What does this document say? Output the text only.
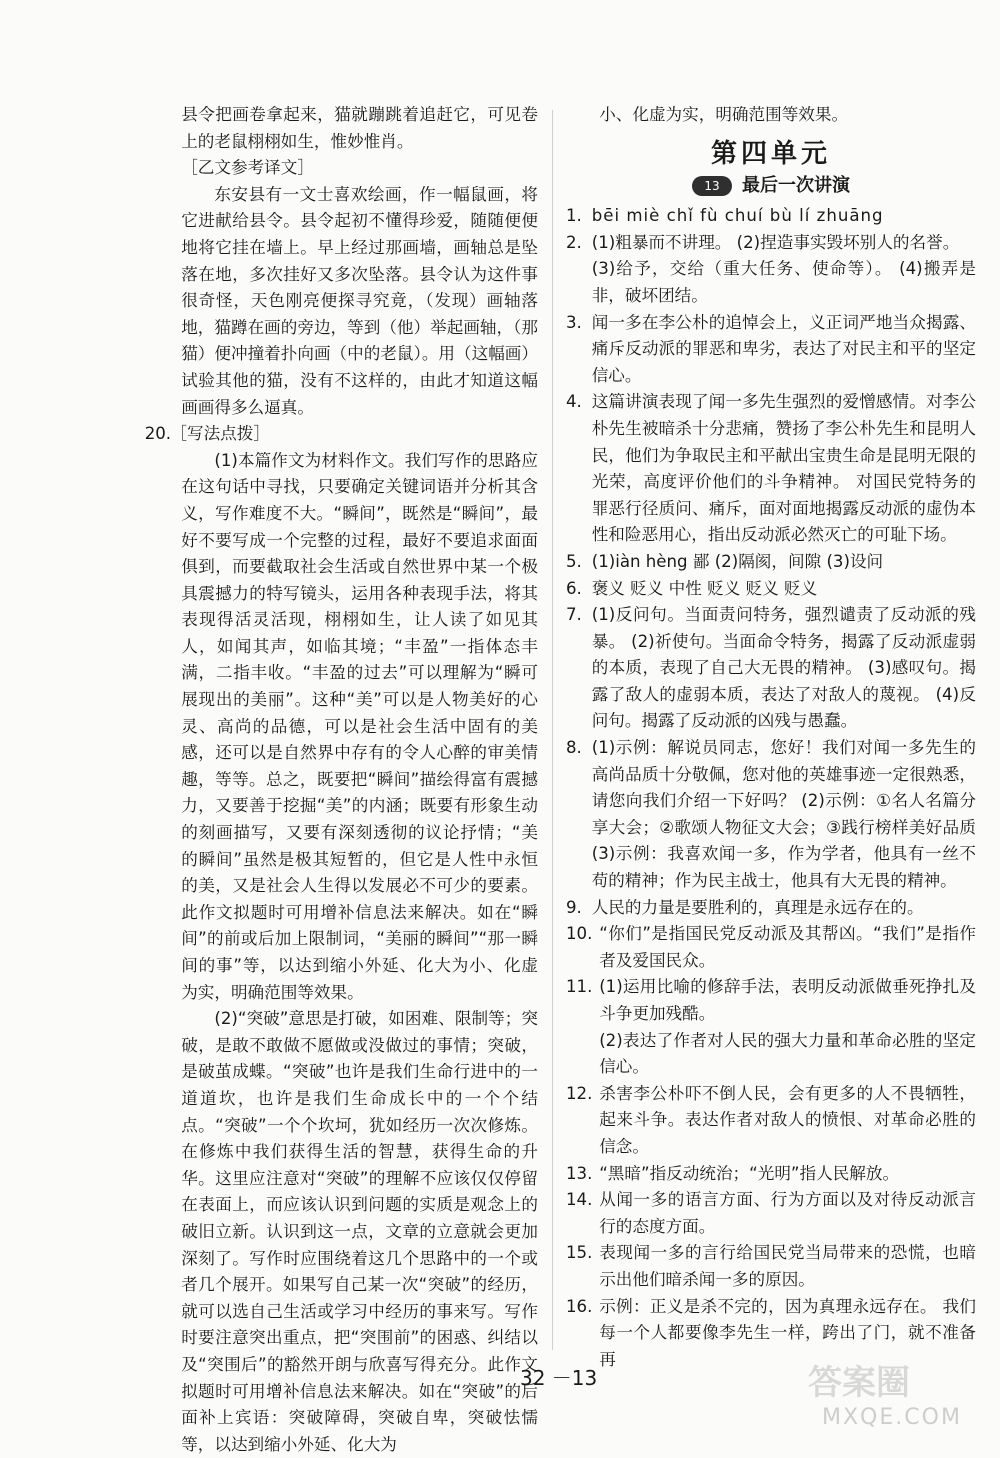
县令把画卷拿起来，猫就蹦跳着追赶它，可见卷上的老鼠栩栩如生，惟妙惟肖。

［乙文参考译文］

东安县有一文士喜欢绘画，作一幅鼠画，将它进献给县令。县令起初不懂得珍爱，随随便便地将它挂在墙上。早上经过那画墙，画轴总是坠落在地，多次挂好又多次坠落。县令认为这件事很奇怪，天色刚亮便探寻究竟，（发现）画轴落地，猫蹲在画的旁边，等到（他）举起画轴，（那猫）便冲撞着扑向画（中的老鼠）。用（这幅画）试验其他的猫，没有不这样的，由此才知道这幅画画得多么逼真。

20. ［写法点拨］

(1)本篇作文为材料作文。我们写作的思路应在这句话中寻找，只要确定关键词语并分析其含义，写作难度不大。“瞬间”，既然是“瞬间”，最好不要写成一个完整的过程，最好不要追求面面俱到，而要截取社会生活或自然世界中某一个极具震撼力的特写镜头，运用各种表现手法，将其表现得活灵活现，栩栩如生，让人读了如见其人，如闻其声，如临其境；“丰盈”一指体态丰满，二指丰收。“丰盈的过去”可以理解为“瞬可展现出的美丽”。这种“美”可以是人物美好的心灵、高尚的品德，可以是社会生活中固有的美感，还可以是自然界中存有的令人心醉的审美情趣，等等。总之，既要把“瞬间”描绘得富有震撼力，又要善于挖掘“美”的内涵；既要有形象生动的刻画描写，又要有深刻透彻的议论抒情；“美的瞬间”虽然是极其短暂的，但它是人性中永恒的美，又是社会人生得以发展必不可少的要素。此作文拟题时可用增补信息法来解决。如在“瞬间”的前或后加上限制词，“美丽的瞬间”“那一瞬间的事”等，以达到缩小外延、化大为小、化虚为实，明确范围等效果。

(2)“突破”意思是打破，如困难、限制等；突破，是敢不敢做不愿做或没做过的事情；突破，是破茧成蝶。“突破”也许是我们生命行进中的一道道坎，也许是我们生命成长中的一个个结点。“突破”一个个坎坷，犹如经历一次次修炼。在修炼中我们获得生活的智慧，获得生命的升华。这里应注意对“突破”的理解不应该仅仅停留在表面上，而应该认识到问题的实质是观念上的破旧立新。认识到这一点，文章的立意就会更加深刻了。写作时应围绕着这几个思路中的一个或者几个展开。如果写自己某一次“突破”的经历，就可以选自己生活或学习中经历的事来写。写作时要注意突出重点，把“突围前”的困惑、纠结以及“突围后”的豁然开朗与欣喜写得充分。此作文拟题时可用增补信息法来解决。如在“突破”的后面补上宾语：突破障碍，突破自卑，突破怯懦等，以达到缩小外延、化大为

小、化虚为实，明确范围等效果。

第四单元
13	最后一次讲演
1. bēi miè chǐ fù chuí bù lí zhuāng

2. (1)粗暴而不讲理。 (2)捏造事实毁坏别人的名誉。

(3)给予，交给（重大任务、使命等）。 (4)搬弄是非，破坏团结。

3. 闻一多在李公朴的追悼会上，义正词严地当众揭露、痛斥反动派的罪恶和卑劣，表达了对民主和平的坚定信心。

4. 这篇讲演表现了闻一多先生强烈的爱憎感情。对李公朴先生被暗杀十分悲痛，赞扬了李公朴先生和昆明人民，他们为争取民主和平献出宝贵生命是昆明无限的光荣，高度评价他们的斗争精神。 对国民党特务的罪恶行径质问、痛斥，面对面地揭露反动派的虚伪本性和险恶用心，指出反动派必然灭亡的可耻下场。

5. (1)iàn hèng 鄙 (2)隔阂，间隙 (3)设问

6. 褒义 贬义 中性 贬义 贬义 贬义

7. (1)反问句。当面责问特务，强烈谴责了反动派的残暴。 (2)祈使句。当面命令特务，揭露了反动派虚弱的本质，表现了自己大无畏的精神。 (3)感叹句。揭露了敌人的虚弱本质，表达了对敌人的蔑视。 (4)反问句。揭露了反动派的凶残与愚蠢。

8. (1)示例：解说员同志，您好！我们对闻一多先生的高尚品质十分敬佩，您对他的英雄事迹一定很熟悉，请您向我们介绍一下好吗？ (2)示例：①名人名篇分享大会；②歌颂人物征文大会；③践行榜样美好品质 (3)示例：我喜欢闻一多，作为学者，他具有一丝不苟的精神；作为民主战士，他具有大无畏的精神。

9. 人民的力量是要胜利的，真理是永远存在的。

10. “你们”是指国民党反动派及其帮凶。“我们”是指作者及爱国民众。

11. (1)运用比喻的修辞手法，表明反动派做垂死挣扎及斗争更加残酷。

(2)表达了作者对人民的强大力量和革命必胜的坚定信心。

12. 杀害李公朴吓不倒人民，会有更多的人不畏牺牲，起来斗争。表达作者对敌人的愤恨、对革命必胜的信念。

13. “黑暗”指反动统治；“光明”指人民解放。

14. 从闻一多的语言方面、行为方面以及对待反动派言行的态度方面。

15. 表现闻一多的言行给国民党当局带来的恐慌，也暗示出他们暗杀闻一多的原因。

16. 示例：正义是杀不完的，因为真理永远存在。 我们每一个人都要像李先生一样，跨出了门，就不准备再

32 －13	答案圈
MXQE.COM
